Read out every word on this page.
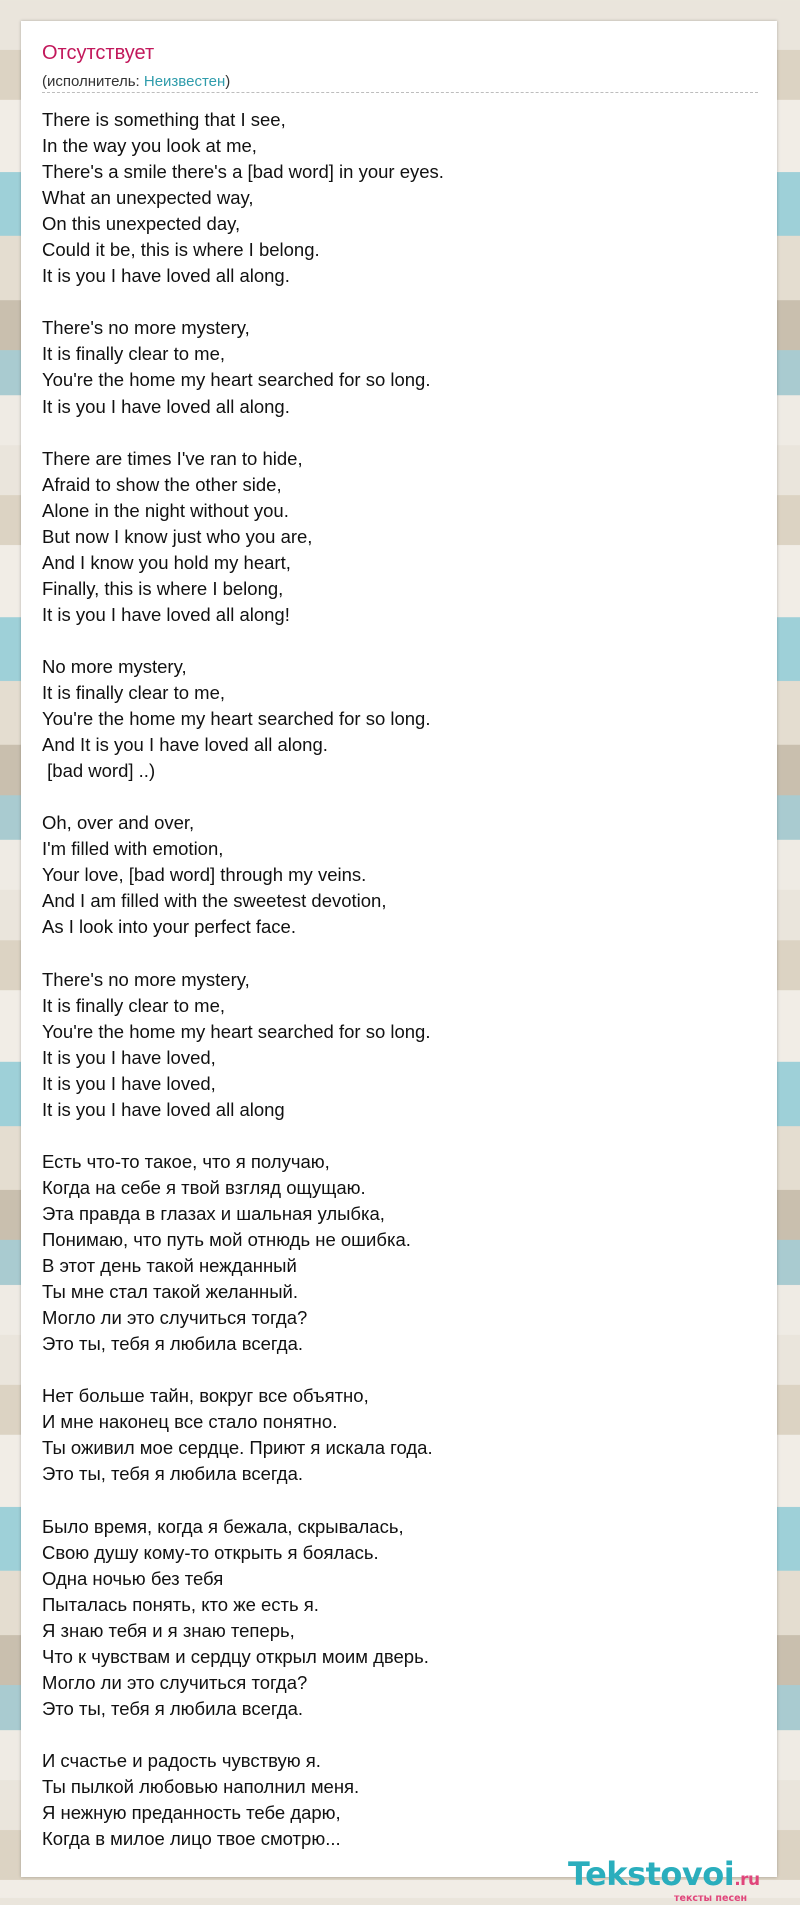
Отсутствует
(исполнитель: Неизвестен)
There is something that I see,
In the way you look at me,
There's a smile there's a [bad word] in your eyes.
What an unexpected way,
On this unexpected day,
Could it be, this is where I belong.
It is you I have loved all along.

There's no more mystery,
It is finally clear to me,
You're the home my heart searched for so long.
It is you I have loved all along.

There are times I've ran to hide,
Afraid to show the other side,
Alone in the night without you.
But now I know just who you are,
And I know you hold my heart,
Finally, this is where I belong,
It is you I have loved all along!

No more mystery,
It is finally clear to me,
You're the home my heart searched for so long.
And It is you I have loved all along.
[bad word] ..)

Oh, over and over,
I'm filled with emotion,
Your love, [bad word] through my veins.
And I am filled with the sweetest devotion,
As I look into your perfect face.

There's no more mystery,
It is finally clear to me,
You're the home my heart searched for so long.
It is you I have loved,
It is you I have loved,
It is you I have loved all along

Есть что-то такое, что я получаю,
Когда на себе я твой взгляд ощущаю.
Эта правда в глазах и шальная улыбка,
Понимаю, что путь мой отнюдь не ошибка.
В этот день такой нежданный
Ты мне стал такой желанный.
Могло ли это случиться тогда?
Это ты, тебя я любила всегда.

Нет больше тайн, вокруг все объятно,
И мне наконец все стало понятно.
Ты оживил мое сердце. Приют я искала года.
Это ты, тебя я любила всегда.

Было время, когда я бежала, скрывалась,
Свою душу кому-то открыть я боялась.
Одна ночью без тебя
Пыталась понять, кто же есть я.
Я знаю тебя и я знаю теперь,
Что к чувствам и сердцу открыл моим дверь.
Могло ли это случиться тогда?
Это ты, тебя я любила всегда.

И счастье и радость чувствую я.
Ты пылкой любовью наполнил меня.
Я нежную преданность тебе дарю,
Когда в милое лицо твое смотрю...
Tekstovoi.ru
тексты песен
